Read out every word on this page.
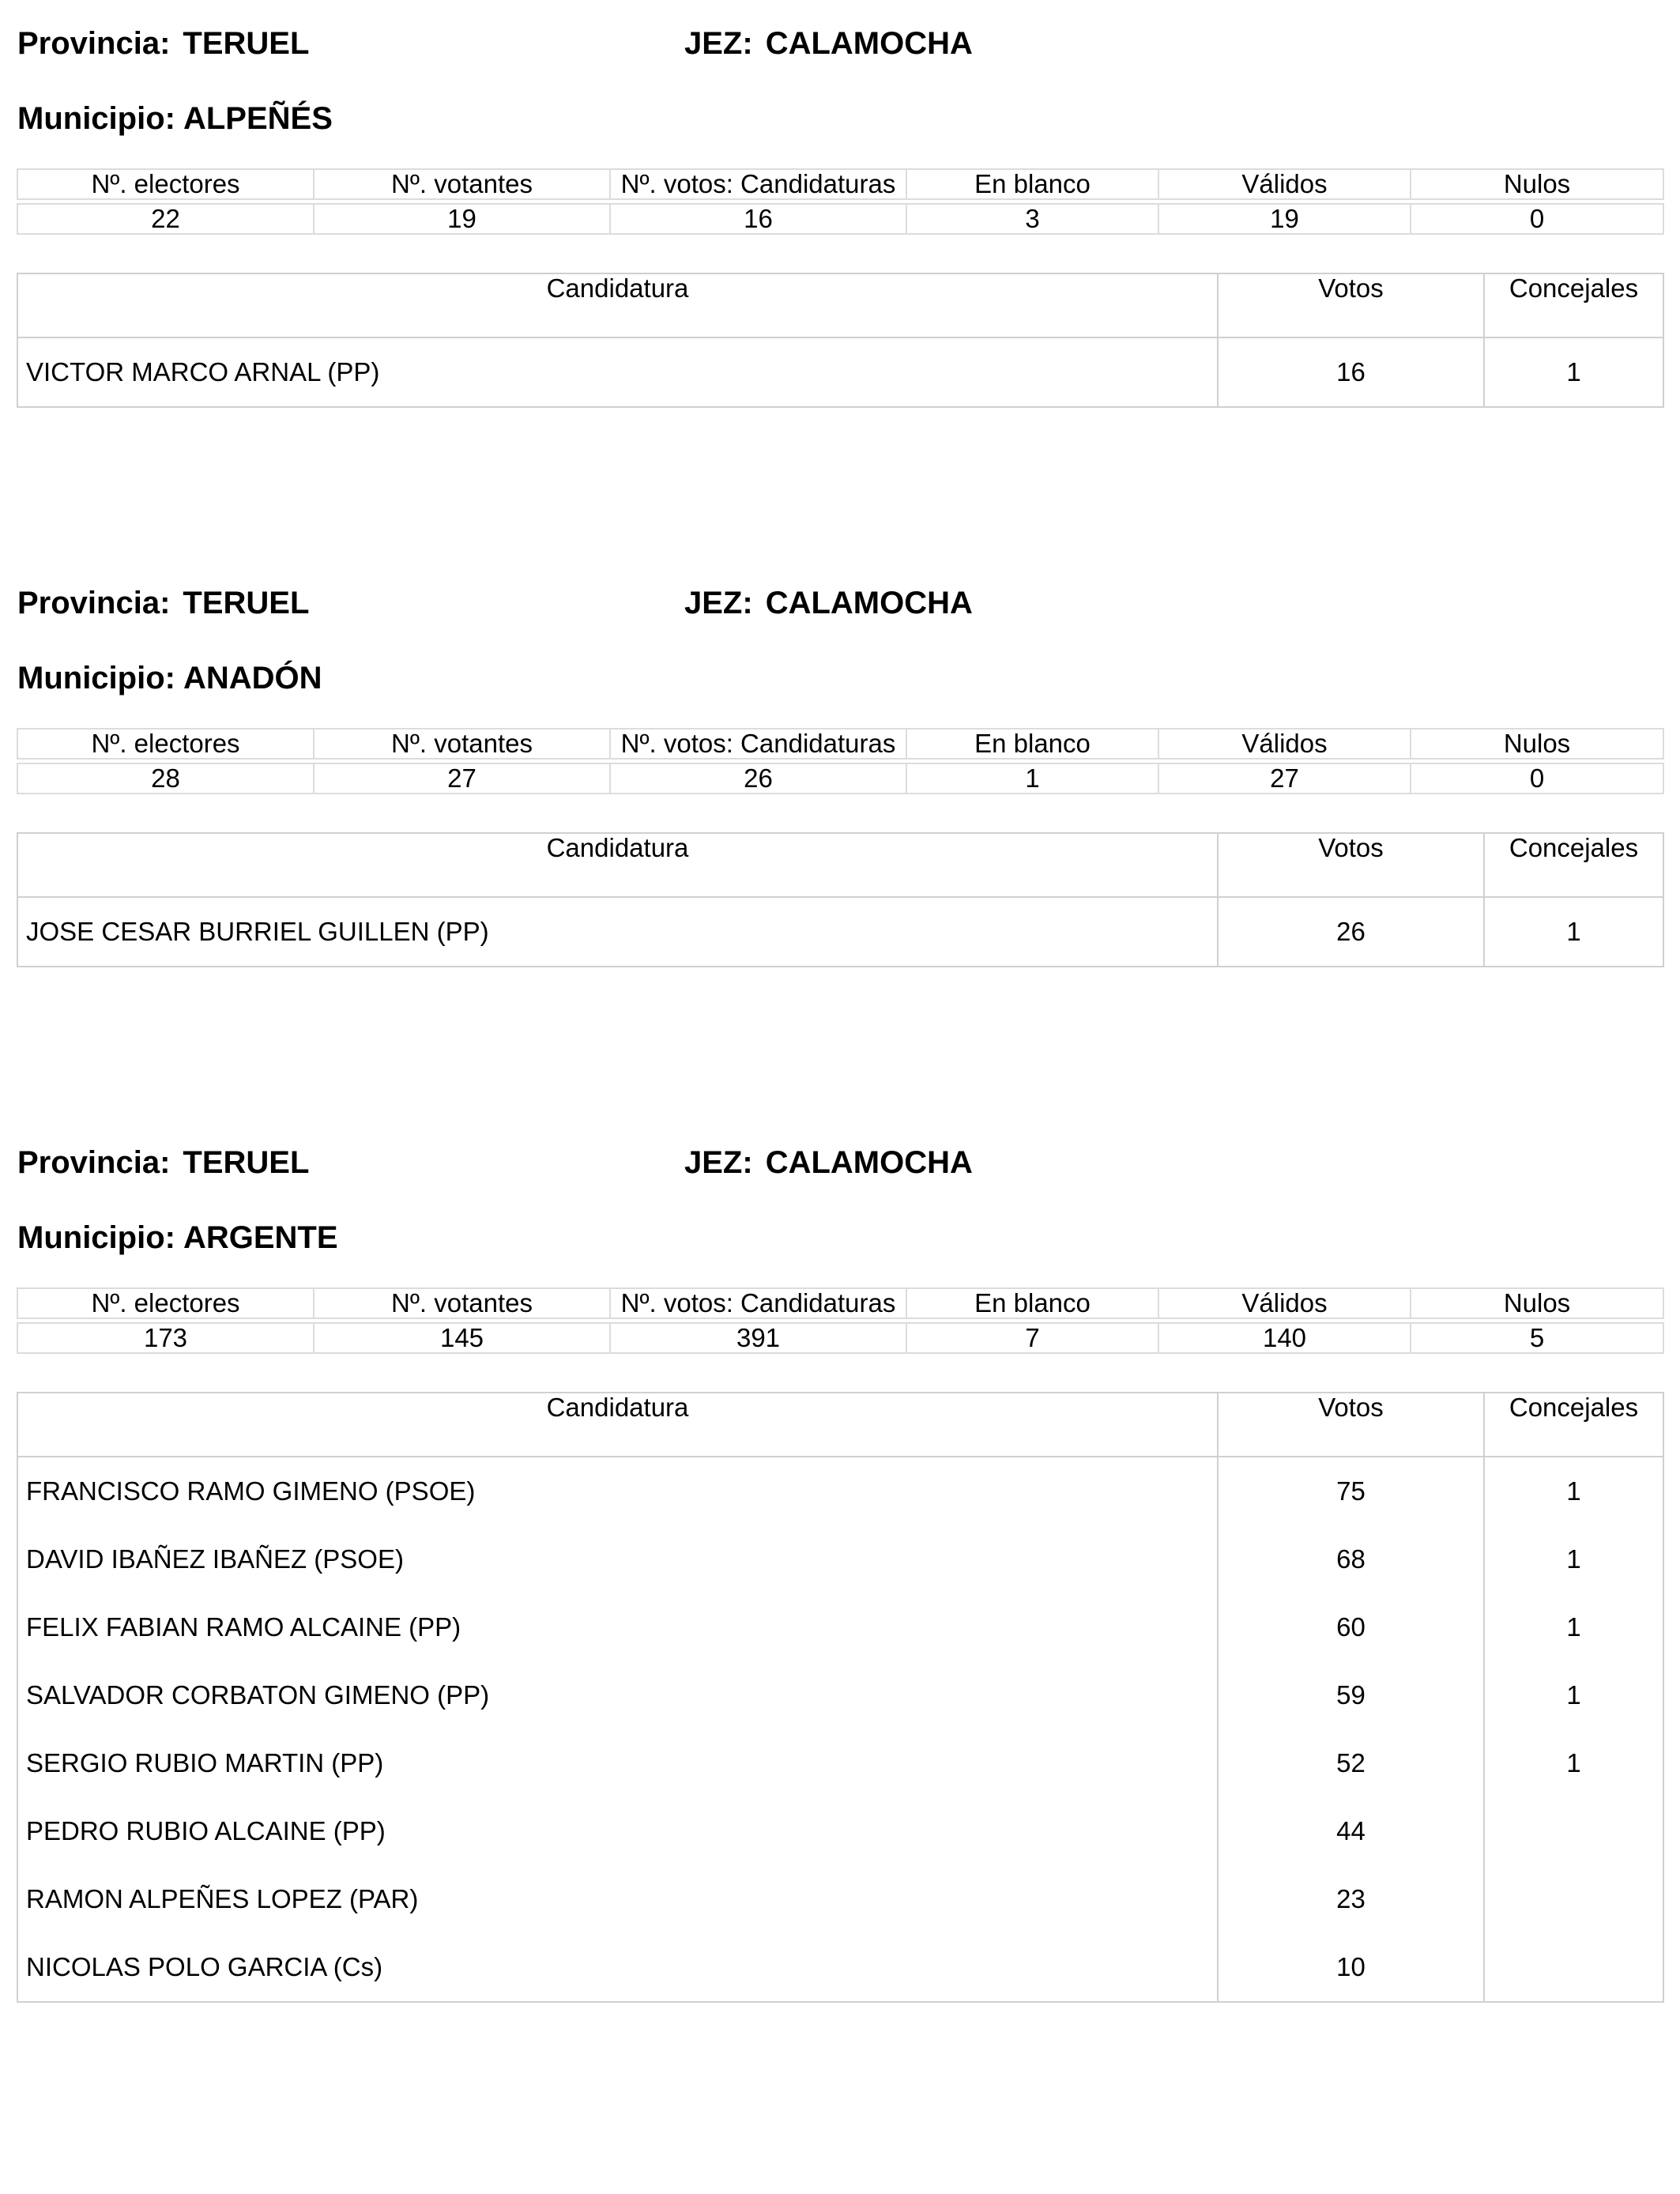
Provincia: TERUEL	JEZ: CALAMOCHA
Municipio: ALPEÑÉS
Nº. electores	Nº. votantes	Nº. votos: Candidaturas	En blanco	Válidos	Nulos

22	19	16	3	19	0
Candidatura	Votos	Concejales
VICTOR MARCO ARNAL (PP)	16	1
Provincia: TERUEL	JEZ: CALAMOCHA
Municipio: ANADÓN
Nº. electores	Nº. votantes	Nº. votos: Candidaturas	En blanco	Válidos	Nulos

28	27	26	1	27	0
Candidatura	Votos	Concejales
JOSE CESAR BURRIEL GUILLEN (PP)	26	1
Provincia: TERUEL	JEZ: CALAMOCHA
Municipio: ARGENTE
Nº. electores	Nº. votantes	Nº. votos: Candidaturas	En blanco	Válidos	Nulos

173	145	391	7	140	5
Candidatura	Votos	Concejales
FRANCISCO RAMO GIMENO (PSOE)	75	1
DAVID IBAÑEZ IBAÑEZ (PSOE)	68	1
FELIX FABIAN RAMO ALCAINE (PP)	60	1
SALVADOR CORBATON GIMENO (PP)	59	1
SERGIO RUBIO MARTIN (PP)	52	1
PEDRO RUBIO ALCAINE (PP)	44	
RAMON ALPEÑES LOPEZ (PAR)	23	
NICOLAS POLO GARCIA (Cs)	10	
